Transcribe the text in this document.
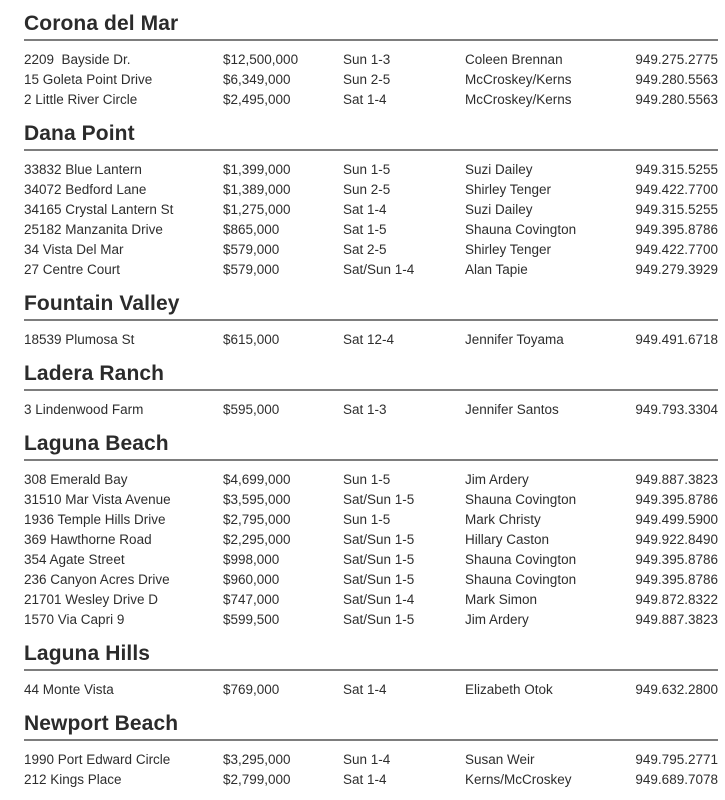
Corona del Mar
2209  Bayside Dr.	$12,500,000	Sun 1-3	Coleen Brennan	949.275.2775
15 Goleta Point Drive	$6,349,000	Sun 2-5	McCroskey/Kerns	949.280.5563
2 Little River Circle	$2,495,000	Sat 1-4	McCroskey/Kerns	949.280.5563
Dana Point
33832 Blue Lantern	$1,399,000	Sun 1-5	Suzi Dailey	949.315.5255
34072 Bedford Lane	$1,389,000	Sun 2-5	Shirley Tenger	949.422.7700
34165 Crystal Lantern St	$1,275,000	Sat 1-4	Suzi Dailey	949.315.5255
25182 Manzanita Drive	$865,000	Sat 1-5	Shauna Covington	949.395.8786
34 Vista Del Mar	$579,000	Sat 2-5	Shirley Tenger	949.422.7700
27 Centre Court	$579,000	Sat/Sun 1-4	Alan Tapie	949.279.3929
Fountain Valley
18539 Plumosa St	$615,000	Sat 12-4	Jennifer Toyama	949.491.6718
Ladera Ranch
3 Lindenwood Farm	$595,000	Sat 1-3	Jennifer Santos	949.793.3304
Laguna Beach
308 Emerald Bay	$4,699,000	Sun 1-5	Jim Ardery	949.887.3823
31510 Mar Vista Avenue	$3,595,000	Sat/Sun 1-5	Shauna Covington	949.395.8786
1936 Temple Hills Drive	$2,795,000	Sun 1-5	Mark Christy	949.499.5900
369 Hawthorne Road	$2,295,000	Sat/Sun 1-5	Hillary Caston	949.922.8490
354 Agate Street	$998,000	Sat/Sun 1-5	Shauna Covington	949.395.8786
236 Canyon Acres Drive	$960,000	Sat/Sun 1-5	Shauna Covington	949.395.8786
21701 Wesley Drive D	$747,000	Sat/Sun 1-4	Mark Simon	949.872.8322
1570 Via Capri 9	$599,500	Sat/Sun 1-5	Jim Ardery	949.887.3823
Laguna Hills
44 Monte Vista	$769,000	Sat 1-4	Elizabeth Otok	949.632.2800
Newport Beach
1990 Port Edward Circle	$3,295,000	Sun 1-4	Susan Weir	949.795.2771
212 Kings Place	$2,799,000	Sat 1-4	Kerns/McCroskey	949.689.7078
